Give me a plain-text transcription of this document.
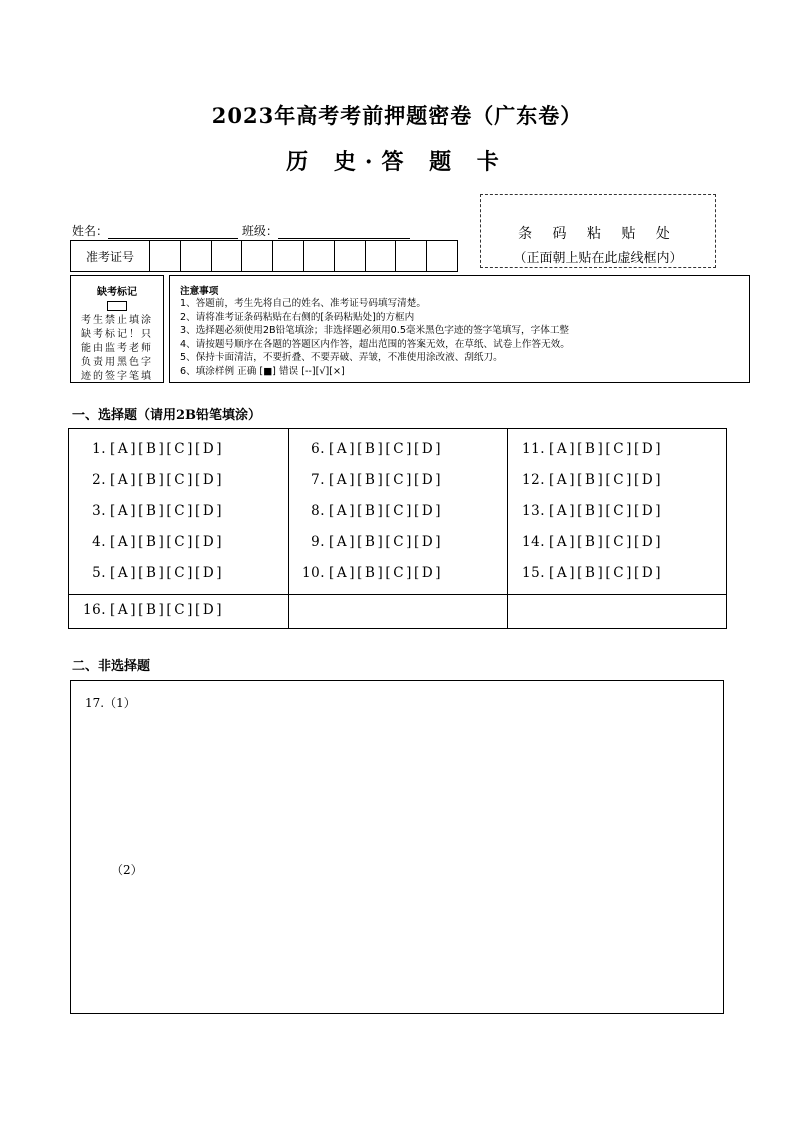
2023年高考考前押题密卷（广东卷）
历 史·答 题 卡
条 码 粘 贴 处
（正面朝上贴在此虚线框内）
姓名：	班级：
准考证号
缺考标记
考生禁止填涂
缺考标记！只
能由监考老师
负责用黑色字
迹的签字笔填
注意事项
1、答题前，考生先将自己的姓名、准考证号码填写清楚。
2、请将准考证条码粘贴在右侧的[条码粘贴处]的方框内
3、选择题必须使用2B铅笔填涂；非选择题必须用0.5毫米黑色字迹的签字笔填写，字体工整
4、请按题号顺序在各题的答题区内作答，超出范围的答案无效，在草纸、试卷上作答无效。
5、保持卡面清洁，不要折叠、不要弄破、弄皱，不准使用涂改液、刮纸刀。
6、填涂样例 正确 [■] 错误 [--][√][×]
一、选择题（请用2B铅笔填涂）
1. [A][B][C][D]
2. [A][B][C][D]
3. [A][B][C][D]
4. [A][B][C][D]
5. [A][B][C][D]
6. [A][B][C][D]
7. [A][B][C][D]
8. [A][B][C][D]
9. [A][B][C][D]
10. [A][B][C][D]
11. [A][B][C][D]
12. [A][B][C][D]
13. [A][B][C][D]
14. [A][B][C][D]
15. [A][B][C][D]
16. [A][B][C][D]
二、非选择题
17.（1）
（2）
